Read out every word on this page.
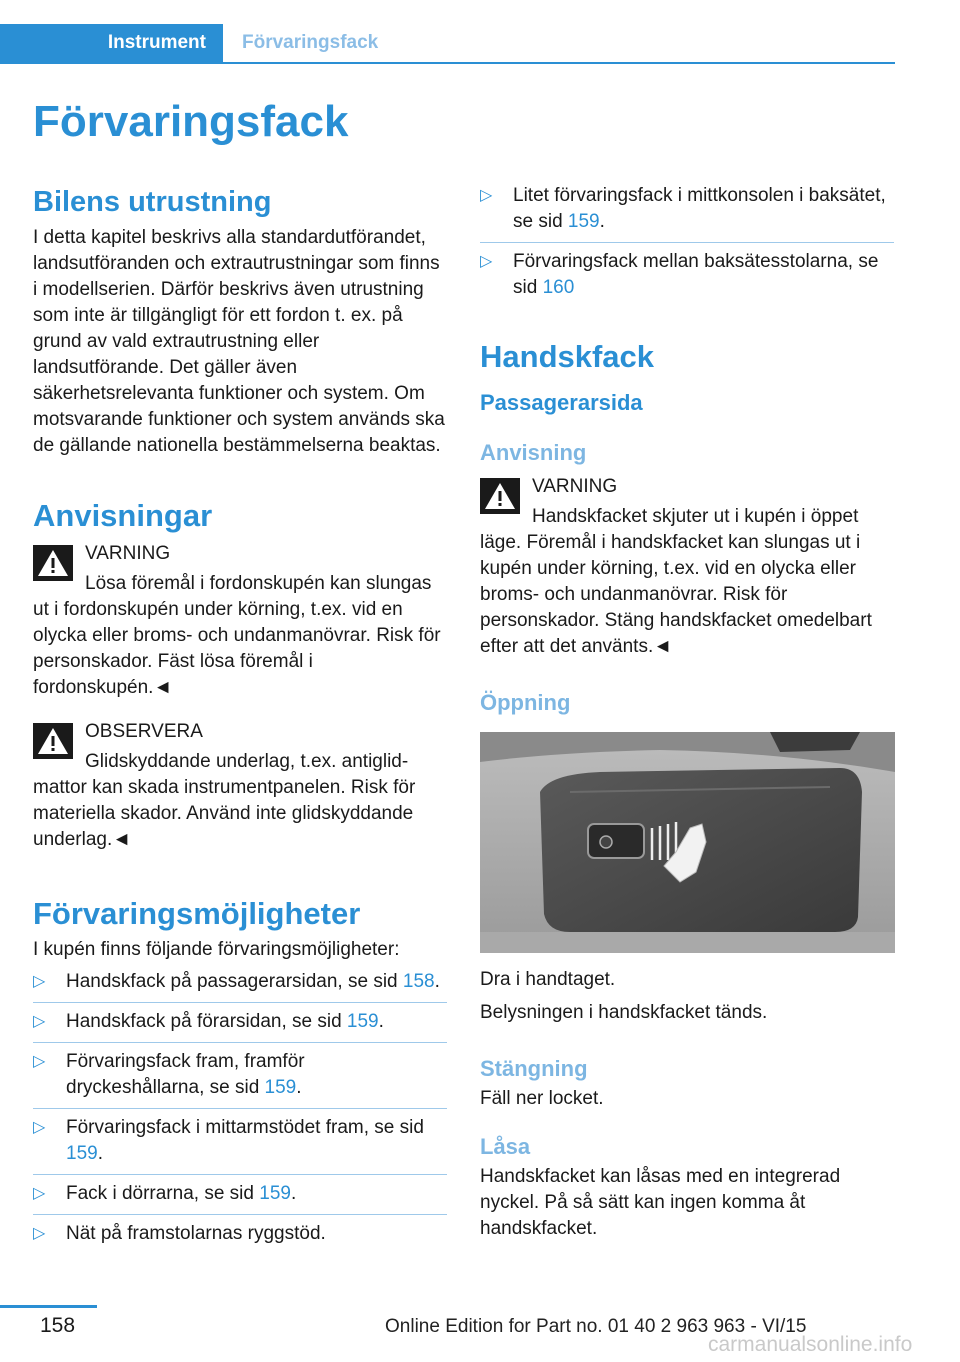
Instrument	Förvaringsfack
Förvaringsfack
Bilens utrustning

I detta kapitel beskrivs alla standardutförandet, landsutföranden och extrautrustningar som finns i modellserien. Därför beskrivs även utrustning som inte är tillgängligt för ett fordon t. ex. på grund av vald extrautrustning eller landsutförande. Det gäller även säkerhetsrelevanta funktioner och system. Om motsvarande funktioner och system används ska de gällande nationella bestämmelserna beaktas.

Anvisningar

VARNING

Lösa föremål i fordonskupén kan slungas

ut i fordonskupén under körning, t.ex. vid en olycka eller broms- och undanmanövrar. Risk för personskador. Fäst lösa föremål i fordonskupén.◄

OBSERVERA

Glidskyddande underlag, t.ex. antiglid-

mattor kan skada instrumentpanelen. Risk för materiella skador. Använd inte glidskyddande underlag.◄

Förvaringsmöjligheter

I kupén finns följande förvaringsmöjligheter:

▷ Handskfack på passagerarsidan, se sid 158.
▷ Handskfack på förarsidan, se sid 159.
▷ Förvaringsfack fram, framför dryckeshållarna, se sid 159.
▷ Förvaringsfack i mittarmstödet fram, se sid 159.
▷ Fack i dörrarna, se sid 159.
▷ Nät på framstolarnas ryggstöd.
▷ Litet förvaringsfack i mittkonsolen i baksätet, se sid 159.
▷ Förvaringsfack mellan baksätesstolarna, se sid 160
Handskfack
Passagerarsida
Anvisning

VARNING

Handskfacket skjuter ut i kupén i öppet

läge. Föremål i handskfacket kan slungas ut i kupén under körning, t.ex. vid en olycka eller broms- och undanmanövrar. Risk för personskador. Stäng handskfacket omedelbart efter att det använts.◄

Öppning

Dra i handtaget.

Belysningen i handskfacket tänds.

Stängning

Fäll ner locket.

Låsa

Handskfacket kan låsas med en integrerad nyckel. På så sätt kan ingen komma åt handskfacket.

158	Online Edition for Part no. 01 40 2 963 963 - VI/15
carmanualsonline.info
